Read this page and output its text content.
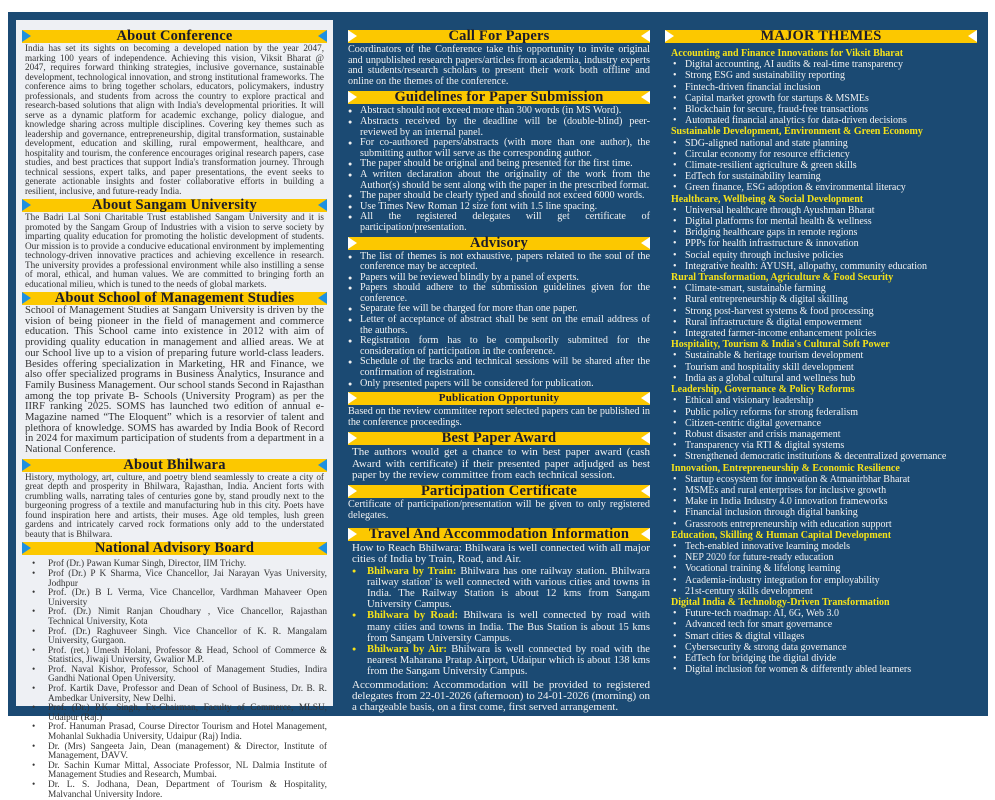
About Conference

India has set its sights on becoming a developed nation by the year 2047, marking 100 years of independence. Achieving this vision, Viksit Bharat @ 2047, requires forward thinking strategies, inclusive governance, sustainable development, technological innovation, and strong institutional frameworks. The conference aims to bring together scholars, educators, policymakers, industry professionals, and students from across the country to explore practical and research-based solutions that align with India's developmental priorities. It will serve as a dynamic platform for academic exchange, policy dialogue, and knowledge sharing across multiple disciplines. Covering key themes such as leadership and governance, entrepreneurship, digital transformation, sustainable development, education and skilling, rural empowerment, healthcare, and hospitality and tourism, the conference encourages original research papers, case studies, and best practices that support India's transformation journey. Through technical sessions, expert talks, and paper presentations, the event seeks to generate actionable insights and foster collaborative efforts in building a resilient, inclusive, and future-ready India.

About Sangam University

The Badri Lal Soni Charitable Trust established Sangam University and it is promoted by the Sangam Group of Industries with a vision to serve society by imparting quality education for promoting the holistic development of students. Our mission is to provide a conducive educational environment by implementing technology-driven innovative practices and achieving excellence in research. The university provides a professional environment while also instilling a sense of moral, ethical, and human values. We are committed to bringing forth an educational milieu, which is tuned to the needs of global markets.

About School of Management Studies

School of Management Studies at Sangam University is driven by the vision of being pioneer in the field of management and commerce education. This School came into existence in 2012 with aim of providing quality education in management and allied areas. We at our School live up to a vision of preparing future world-class leaders. Besides offering specialization in Marketing, HR and Finance, we also offer specialized programs in Business Analytics, Insurance and Family Business Management. Our school stands Second in Rajasthan among the top private B- Schools (University Program) as per the IIRF ranking 2025. SOMS has launched two edition of annual e-Magazine named “The Eloquent” which is a resorvier of talent and plethora of knowledge. SOMS has awarded by India Book of Record in 2024 for maximum participation of students from a department in a National Conference.

About Bhilwara

History, mythology, art, culture, and poetry blend seamlessly to create a city of great depth and prosperity in Bhilwara, Rajasthan, India. Ancient forts with crumbling walls, narrating tales of centuries gone by, stand proudly next to the burgeoning progress of a textile and manufacturing hub in this city. Poets have found inspiration here and artists, their muses. Age old temples, lush green gardens and intricately carved rock formations only add to the understated beauty that is Bhilwara.

National Advisory Board
• Prof (Dr.) Pawan Kumar Singh, Director, IIM Trichy.
• Prof (Dr.) P K Sharma, Vice Chancellor, Jai Narayan Vyas University, Jodhpur
• Prof. (Dr.) B L Verma, Vice Chancellor, Vardhman Mahaveer Open University
• Prof. (Dr.) Nimit Ranjan Choudhary , Vice Chancellor, Rajasthan Technical University, Kota
• Prof. (Dr.) Raghuveer Singh. Vice Chancellor of K. R. Mangalam University, Gurgaon.
• Prof. (ret.) Umesh Holani, Professor & Head, School of Commerce & Statistics, Jiwaji University, Gwalior M.P.
• Prof. Naval Kishor, Professor, School of Management Studies, Indira Gandhi National Open University.
• Prof. Kartik Dave, Professor and Dean of School of Business, Dr. B. R. Ambedkar University, New Delhi.
• Prof. (Dr.) P.K. Singh, Ex-Chairman, Faculty of Commerce, MLSU, Udaipur (Raj.)
• Prof. Hanuman Prasad, Course Director Tourism and Hotel Management, Mohanlal Sukhadia University, Udaipur (Raj) India.
• Dr. (Mrs) Sangeeta Jain, Dean (management) & Director, Institute of Management, DAVV.
• Dr. Sachin Kumar Mittal, Associate Professor, NL Dalmia Institute of Management Studies and Research, Mumbai.
• Dr. L. S. Jodhana, Dean, Department of Tourism & Hospitality, Malvanchal University Indore.
Call For Papers

Coordinators of the Conference take this opportunity to invite original and unpublished research papers/articles from academia, industry experts and students/research scholars to present their work both offline and online on the themes of the conference.

Guidelines for Paper Submission
● Abstract should not exceed more than 300 words (in MS Word).
● Abstracts received by the deadline will be (double-blind) peer-reviewed by an internal panel.
● For co-authored papers/abstracts (with more than one author), the submitting author will serve as the corresponding author.
● The paper should be original and being presented for the first time.
● A written declaration about the originality of the work from the Author(s) should be sent along with the paper in the prescribed format.
● The paper should be clearly typed and should not exceed 6000 words.
● Use Times New Roman 12 size font with 1.5 line spacing.
● All the registered delegates will get certificate of participation/presentation.
Advisory
● The list of themes is not exhaustive, papers related to the soul of the conference may be accepted.
● Papers will be reviewed blindly by a panel of experts.
● Papers should adhere to the submission guidelines given for the conference.
● Separate fee will be charged for more than one paper.
● Letter of acceptance of abstract shall be sent on the email address of the authors.
● Registration form has to be compulsorily submitted for the consideration of participation in the conference.
● Schedule of the tracks and technical sessions will be shared after the confirmation of registration.
● Only presented papers will be considered for publication.
Publication Opportunity

Based on the review committee report selected papers can be published in the conference proceedings.

Best Paper Award

The authors would get a chance to win best paper award (cash Award with certificate) if their presented paper adjudged as best paper by the review committee from each technical session.

Participation Certificate

Certificate of participation/presentation will be given to only registered delegates.

Travel And Accommodation Information

How to Reach Bhilwara: Bhilwara is well connected with all major cities of India by Train, Road, and Air.

● Bhilwara by Train: Bhilwara has one railway station. Bhilwara railway station' is well connected with various cities and towns in India. The Railway Station is about 12 kms from Sangam University Campus.
● Bhilwara by Road: Bhilwara is well connected by road with many cities and towns in India. The Bus Station is about 15 kms from Sangam University Campus.
● Bhilwara by Air: Bhilwara is well connected by road with the nearest Maharana Pratap Airport, Udaipur which is about 138 kms from the Sangam University Campus.

Accommodation: Accommodation will be provided to registered delegates from 22-01-2026 (afternoon) to 24-01-2026 (morning) on a chargeable basis, on a first come, first served arrangement.

MAJOR THEMES
Accounting and Finance Innovations for Viksit Bharat
• Digital accounting, AI audits & real-time transparency
• Strong ESG and sustainability reporting
• Fintech-driven financial inclusion
• Capital market growth for startups & MSMEs
• Blockchain for secure, fraud-free transactions
• Automated financial analytics for data-driven decisions
Sustainable Development, Environment & Green Economy
• SDG-aligned national and state planning
• Circular economy for resource efficiency
• Climate-resilient agriculture & green skills
• EdTech for sustainability learning
• Green finance, ESG adoption & environmental literacy
Healthcare, Wellbeing & Social Development
• Universal healthcare through Ayushman Bharat
• Digital platforms for mental health & wellness
• Bridging healthcare gaps in remote regions
• PPPs for health infrastructure & innovation
• Social equity through inclusive policies
• Integrative health: AYUSH, allopathy, community education
Rural Transformation, Agriculture & Food Security
• Climate-smart, sustainable farming
• Rural entrepreneurship & digital skilling
• Strong post-harvest systems & food processing
• Rural infrastructure & digital empowerment
• Integrated farmer-income enhancement policies
Hospitality, Tourism & India's Cultural Soft Power
• Sustainable & heritage tourism development
• Tourism and hospitality skill development
• India as a global cultural and wellness hub
Leadership, Governance & Policy Reforms
• Ethical and visionary leadership
• Public policy reforms for strong federalism
• Citizen-centric digital governance
• Robust disaster and crisis management
• Transparency via RTI & digital systems
• Strengthened democratic institutions & decentralized governance
Innovation, Entrepreneurship & Economic Resilience
• Startup ecosystem for innovation & Atmanirbhar Bharat
• MSMEs and rural enterprises for inclusive growth
• Make in India Industry 4.0 innovation frameworks
• Financial inclusion through digital banking
• Grassroots entrepreneurship with education support
Education, Skilling & Human Capital Development
• Tech-enabled innovative learning models
• NEP 2020 for future-ready education
• Vocational training & lifelong learning
• Academia-industry integration for employability
• 21st-century skills development
Digital India & Technology-Driven Transformation
• Future-tech roadmap: AI, 6G, Web 3.0
• Advanced tech for smart governance
• Smart cities & digital villages
• Cybersecurity & strong data governance
• EdTech for bridging the digital divide
• Digital inclusion for women & differently abled learners
